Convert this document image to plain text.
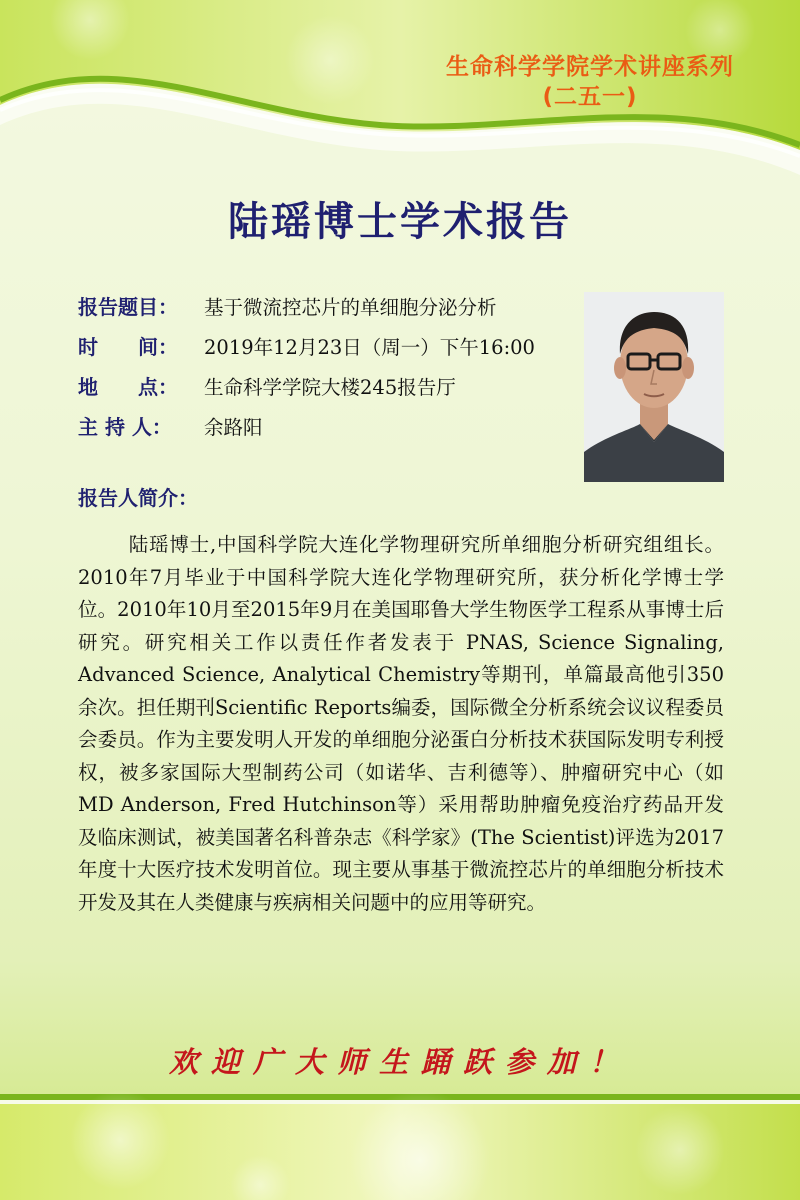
生命科学学院学术讲座系列
(二五一)
陆瑶博士学术报告
报告题目： 基于微流控芯片的单细胞分泌分析
时　　间： 2019年12月23日（周一）下午16:00
地　　点： 生命科学学院大楼245报告厅
主 持 人： 余路阳
报告人简介：

陆瑶博士,中国科学院大连化学物理研究所单细胞分析研究组组长。2010年7月毕业于中国科学院大连化学物理研究所，获分析化学博士学位。2010年10月至2015年9月在美国耶鲁大学生物医学工程系从事博士后研究。研究相关工作以责任作者发表于 PNAS, Science Signaling, Advanced Science, Analytical Chemistry等期刊，单篇最高他引350余次。担任期刊Scientific Reports编委，国际微全分析系统会议议程委员会委员。作为主要发明人开发的单细胞分泌蛋白分析技术获国际发明专利授权，被多家国际大型制药公司（如诺华、吉利德等）、肿瘤研究中心（如 MD Anderson, Fred Hutchinson等）采用帮助肿瘤免疫治疗药品开发及临床测试，被美国著名科普杂志《科学家》(The Scientist)评选为2017年度十大医疗技术发明首位。现主要从事基于微流控芯片的单细胞分析技术开发及其在人类健康与疾病相关问题中的应用等研究。

欢迎广大师生踊跃参加！
